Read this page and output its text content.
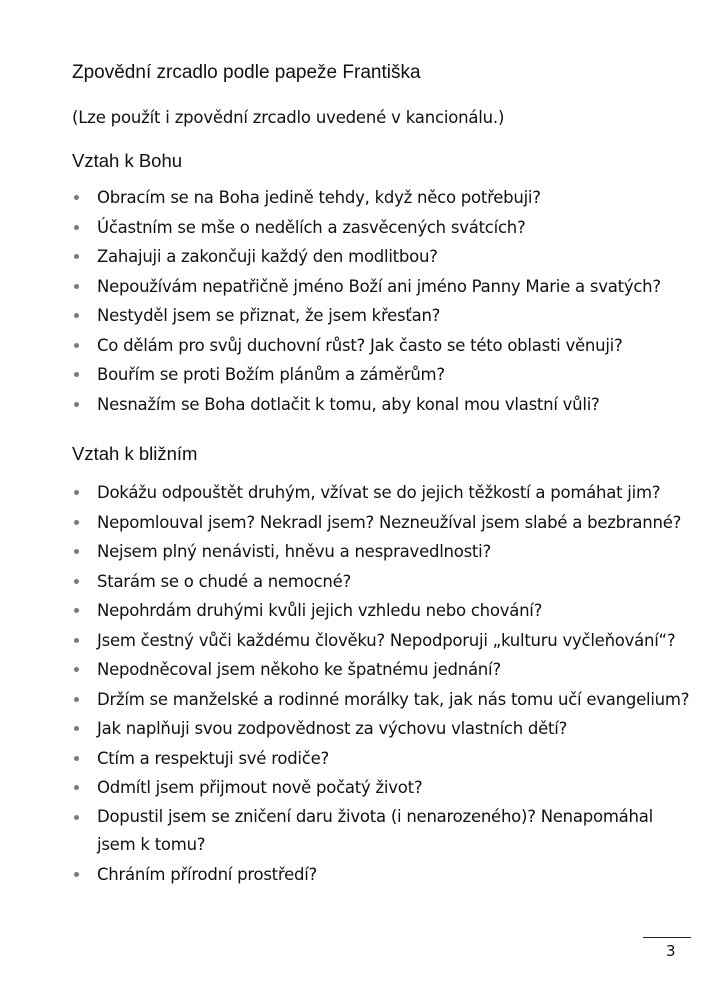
Zpovědní zrcadlo podle papeže Františka
(Lze použít i zpovědní zrcadlo uvedené v kancionálu.)
Vztah k Bohu
Obracím se na Boha jedině tehdy, když něco potřebuji?
Účastním se mše o nedělích a zasvěcených svátcích?
Zahajuji a zakončuji každý den modlitbou?
Nepoužívám nepatřičně jméno Boží ani jméno Panny Marie a svatých?
Nestyděl jsem se přiznat, že jsem křesťan?
Co dělám pro svůj duchovní růst? Jak často se této oblasti věnuji?
Bouřím se proti Božím plánům a záměrům?
Nesnažím se Boha dotlačit k tomu, aby konal mou vlastní vůli?
Vztah k bližním
Dokážu odpouštět druhým, vžívat se do jejich těžkostí a pomáhat jim?
Nepomlouval jsem? Nekradl jsem? Nezneužíval jsem slabé a bezbranné?
Nejsem plný nenávisti, hněvu a nespravedlnosti?
Starám se o chudé a nemocné?
Nepohrdám druhými kvůli jejich vzhledu nebo chování?
Jsem čestný vůči každému člověku? Nepodporuji „kulturu vyčleňování“?
Nepodněcoval jsem někoho ke špatnému jednání?
Držím se manželské a rodinné morálky tak, jak nás tomu učí evangelium?
Jak naplňuji svou zodpovědnost za výchovu vlastních dětí?
Ctím a respektuji své rodiče?
Odmítl jsem přijmout nově počatý život?
Dopustil jsem se zničení daru života (i nenarozeného)? Nenapomáhal jsem k tomu?
Chráním přírodní prostředí?
3
